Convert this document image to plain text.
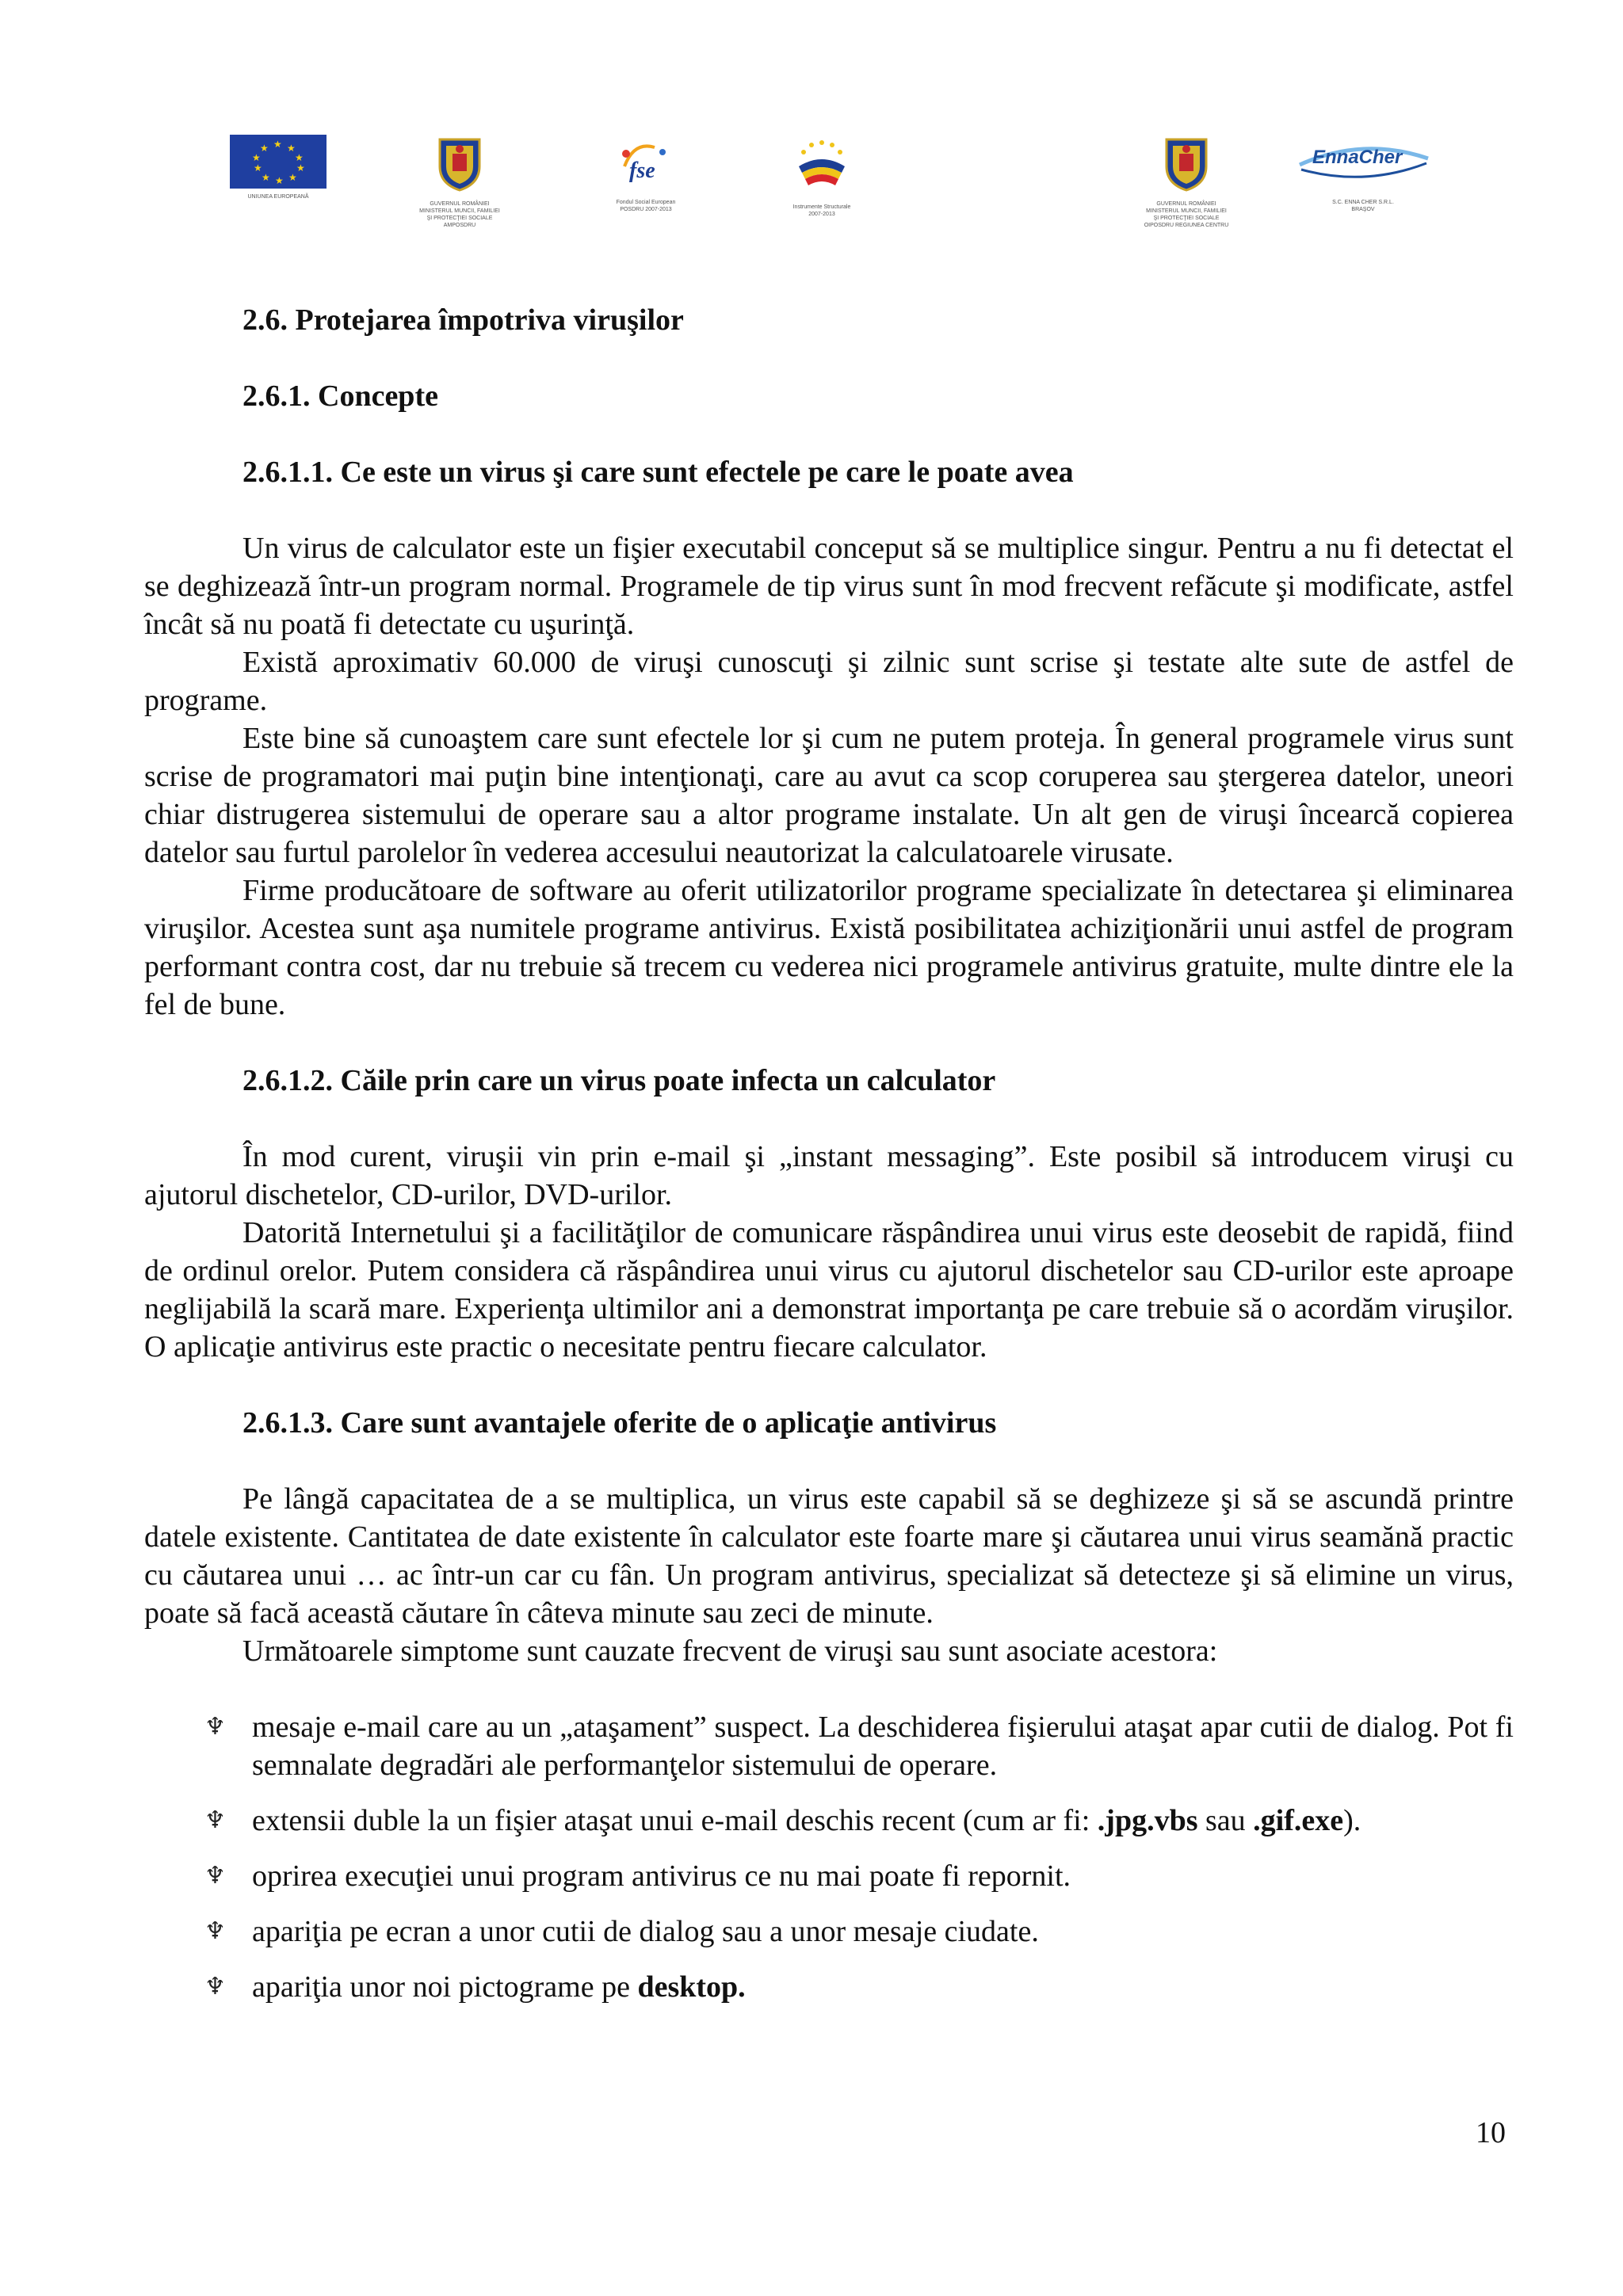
★ ★
★
★
★
★
★
★
★
★
UNIUNEA EUROPEANĂ
GUVERNUL ROMÂNIEI
MINISTERUL MUNCII, FAMILIEI
ŞI PROTECŢIEI SOCIALE
AMPOSDRU
fse
Fondul Social European
POSDRU 2007-2013	Instrumente Structurale
2007-2013
GUVERNUL ROMÂNIEI
MINISTERUL MUNCII, FAMILIEI
ŞI PROTECŢIEI SOCIALE
OIPOSDRU REGIUNEA CENTRU
EnnaCher
S.C. ENNA CHER S.R.L.
BRAŞOV
2.6. Protejarea împotriva viruşilor
2.6.1. Concepte
2.6.1.1. Ce este un virus şi care sunt efectele pe care le poate avea

Un virus de calculator este un fişier executabil conceput să se multiplice singur. Pentru a nu fi detectat el se deghizează într-un program normal. Programele de tip virus sunt în mod frecvent refăcute şi modificate, astfel încât să nu poată fi detectate cu uşurinţă.

Există aproximativ 60.000 de viruşi cunoscuţi şi zilnic sunt scrise şi testate alte sute de astfel de programe.

Este bine să cunoaştem care sunt efectele lor şi cum ne putem proteja. În general programele virus sunt scrise de programatori mai puţin bine intenţionaţi, care au avut ca scop coruperea sau ştergerea datelor, uneori chiar distrugerea sistemului de operare sau a altor programe instalate. Un alt gen de viruşi încearcă copierea datelor sau furtul parolelor în vederea accesului neautorizat la calculatoarele virusate.

Firme producătoare de software au oferit utilizatorilor programe specializate în detectarea şi eliminarea viruşilor. Acestea sunt aşa numitele programe antivirus. Există posibilitatea achiziţionării unui astfel de program performant contra cost, dar nu trebuie să trecem cu vederea nici programele antivirus gratuite, multe dintre ele la fel de bune.

2.6.1.2. Căile prin care un virus poate infecta un calculator

În mod curent, viruşii vin prin e-mail şi „instant messaging”. Este posibil să introducem viruşi cu ajutorul dischetelor, CD-urilor, DVD-urilor.

Datorită Internetului şi a facilităţilor de comunicare răspândirea unui virus este deosebit de rapidă, fiind de ordinul orelor. Putem considera că răspândirea unui virus cu ajutorul dischetelor sau CD-urilor este aproape neglijabilă la scară mare. Experienţa ultimilor ani a demonstrat importanţa pe care trebuie să o acordăm viruşilor. O aplicaţie antivirus este practic o necesitate pentru fiecare calculator.

2.6.1.3. Care sunt avantajele oferite de o aplicaţie antivirus

Pe lângă capacitatea de a se multiplica, un virus este capabil să se deghizeze şi să se ascundă printre datele existente. Cantitatea de date existente în calculator este foarte mare şi căutarea unui virus seamănă practic cu căutarea unui … ac într-un car cu fân. Un program antivirus, specializat să detecteze şi să elimine un virus, poate să facă această căutare în câteva minute sau zeci de minute.

Următoarele simptome sunt cauzate frecvent de viruşi sau sunt asociate acestora:

♆ mesaje e-mail care au un „ataşament” suspect. La deschiderea fişierului ataşat apar cutii de dialog. Pot fi semnalate degradări ale performanţelor sistemului de operare.
♆ extensii duble la un fişier ataşat unui e-mail deschis recent (cum ar fi: .jpg.vbs sau .gif.exe).
♆ oprirea execuţiei unui program antivirus ce nu mai poate fi repornit.
♆ apariţia pe ecran a unor cutii de dialog sau a unor mesaje ciudate.
♆ apariţia unor noi pictograme pe desktop.
10
